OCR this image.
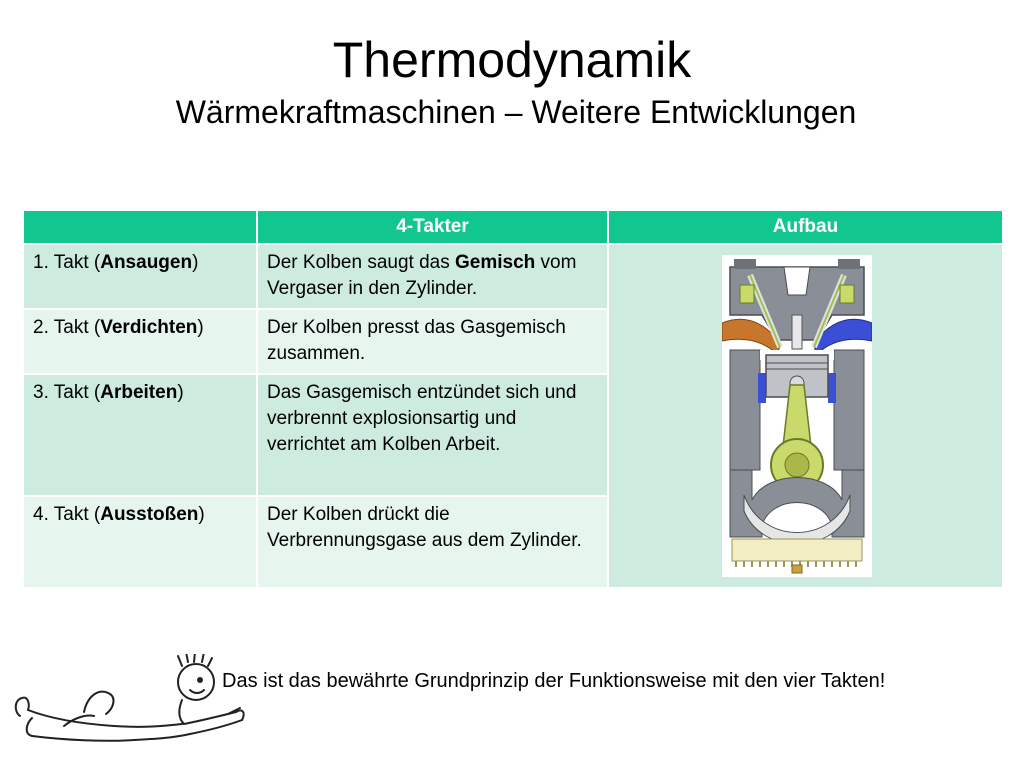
Thermodynamik
Wärmekraftmaschinen – Weitere Entwicklungen
	4-Takter	Aufbau
1. Takt (Ansaugen)	Der Kolben saugt das Gemisch vom Vergaser in den Zylinder.	
2. Takt (Verdichten)	Der Kolben presst das Gasgemisch zusammen.	
3. Takt (Arbeiten)	Das Gasgemisch entzündet sich und verbrennt explosionsartig und verrichtet am Kolben Arbeit.	
4. Takt (Ausstoßen)	Der Kolben drückt die Verbrennungsgase aus dem Zylinder.	
Das ist das bewährte Grundprinzip der Funktionsweise mit den vier Takten!
